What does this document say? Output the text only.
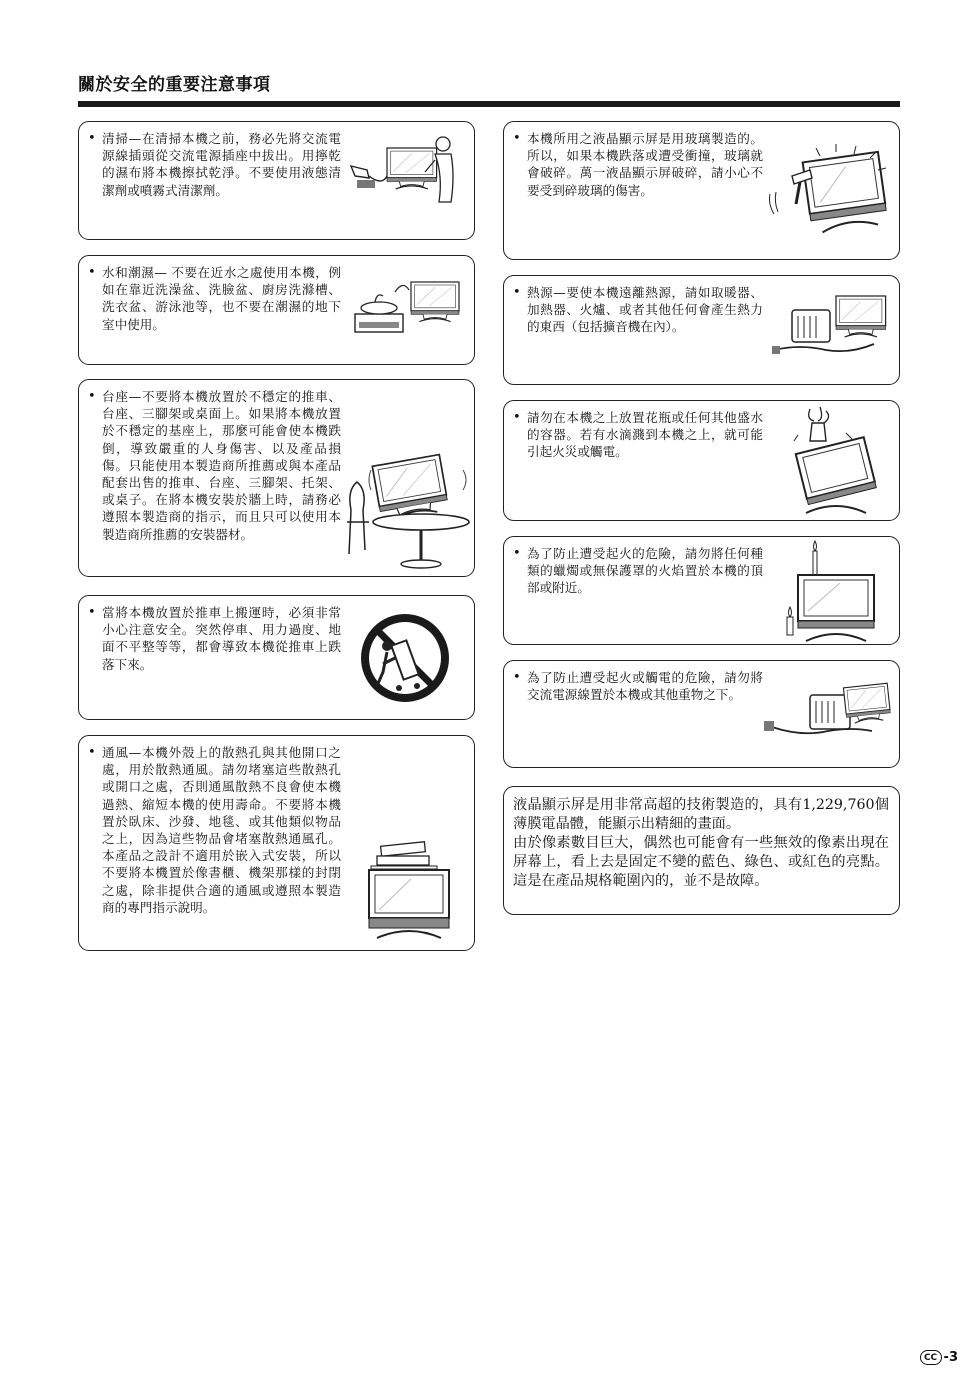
關於安全的重要注意事項
• 清掃—在清掃本機之前，務必先將交流電源線插頭從交流電源插座中拔出。用擰乾的濕布將本機擦拭乾淨。不要使用液態清潔劑或噴霧式清潔劑。
• 水和潮濕— 不要在近水之處使用本機，例如在靠近洗澡盆、洗臉盆、廚房洗滌槽、洗衣盆、游泳池等，也不要在潮濕的地下室中使用。
• 台座—不要將本機放置於不穩定的推車、台座、三腳架或桌面上。如果將本機放置於不穩定的基座上，那麼可能會使本機跌倒，導致嚴重的人身傷害、以及產品損傷。只能使用本製造商所推薦或與本產品配套出售的推車、台座、三腳架、托架、或桌子。在將本機安裝於牆上時，請務必遵照本製造商的指示，而且只可以使用本製造商所推薦的安裝器材。
• 當將本機放置於推車上搬運時，必須非常小心注意安全。突然停車、用力過度、地面不平整等等，都會導致本機從推車上跌落下來。
• 通風—本機外殼上的散熱孔與其他開口之處，用於散熱通風。請勿堵塞這些散熱孔或開口之處，否則通風散熱不良會使本機過熱、縮短本機的使用壽命。不要將本機置於臥床、沙發、地毯、或其他類似物品之上，因為這些物品會堵塞散熱通風孔。本產品之設計不適用於嵌入式安裝，所以不要將本機置於像書櫃、機架那樣的封閉之處，除非提供合適的通風或遵照本製造商的專門指示說明。
• 本機所用之液晶顯示屏是用玻璃製造的。所以，如果本機跌落或遭受衝撞，玻璃就會破碎。萬一液晶顯示屏破碎，請小心不要受到碎玻璃的傷害。
• 熱源—要使本機遠離熱源，請如取暖器、加熱器、火爐、或者其他任何會產生熱力的東西（包括擴音機在內）。
• 請勿在本機之上放置花瓶或任何其他盛水的容器。若有水滴濺到本機之上，就可能引起火災或觸電。
• 為了防止遭受起火的危險，請勿將任何種類的蠟燭或無保護罩的火焰置於本機的頂部或附近。
• 為了防止遭受起火或觸電的危險，請勿將交流電源線置於本機或其他重物之下。
液晶顯示屏是用非常高超的技術製造的，具有1,229,760個薄膜電晶體，能顯示出精細的畫面。
由於像素數目巨大，偶然也可能會有一些無效的像素出現在屏幕上，看上去是固定不變的藍色、綠色、或紅色的亮點。這是在產品規格範圍內的，並不是故障。
CC -3
